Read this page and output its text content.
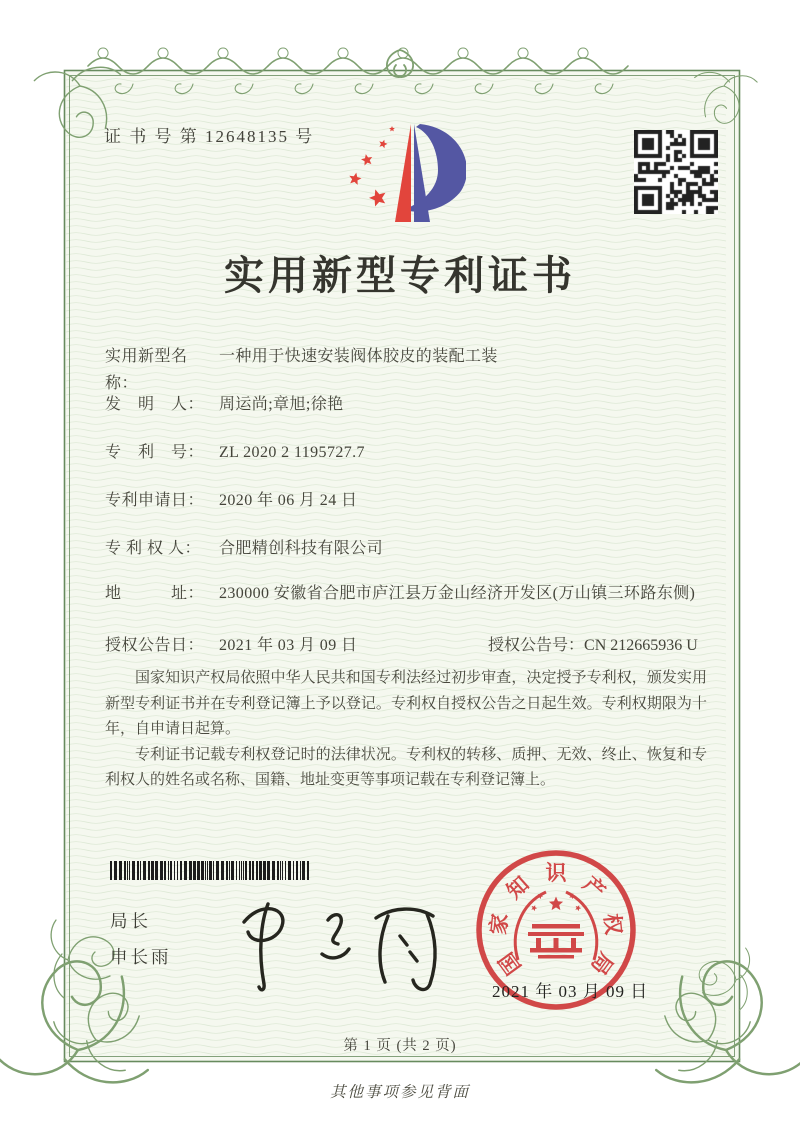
证 书 号 第 12648135 号
实用新型专利证书
实用新型名称：
一种用于快速安装阀体胶皮的装配工装
发　明　人： 周运尚;章旭;徐艳
专　利　号： ZL 2020 2 1195727.7
专利申请日： 2020 年 06 月 24 日
专 利 权 人：	合肥精创科技有限公司
地　　　址： 230000 安徽省合肥市庐江县万金山经济开发区(万山镇三环路东侧)
授权公告日： 2021 年 03 月 09 日	授权公告号：CN 212665936 U

国家知识产权局依照中华人民共和国专利法经过初步审查，决定授予专利权，颁发实用新型专利证书并在专利登记簿上予以登记。专利权自授权公告之日起生效。专利权期限为十年，自申请日起算。

专利证书记载专利权登记时的法律状况。专利权的转移、质押、无效、终止、恢复和专利权人的姓名或名称、国籍、地址变更等事项记载在专利登记簿上。

局长
申长雨	国
家
知 识 产
权
局
2021 年 03 月 09 日
第 1 页 (共 2 页)
其他事项参见背面
